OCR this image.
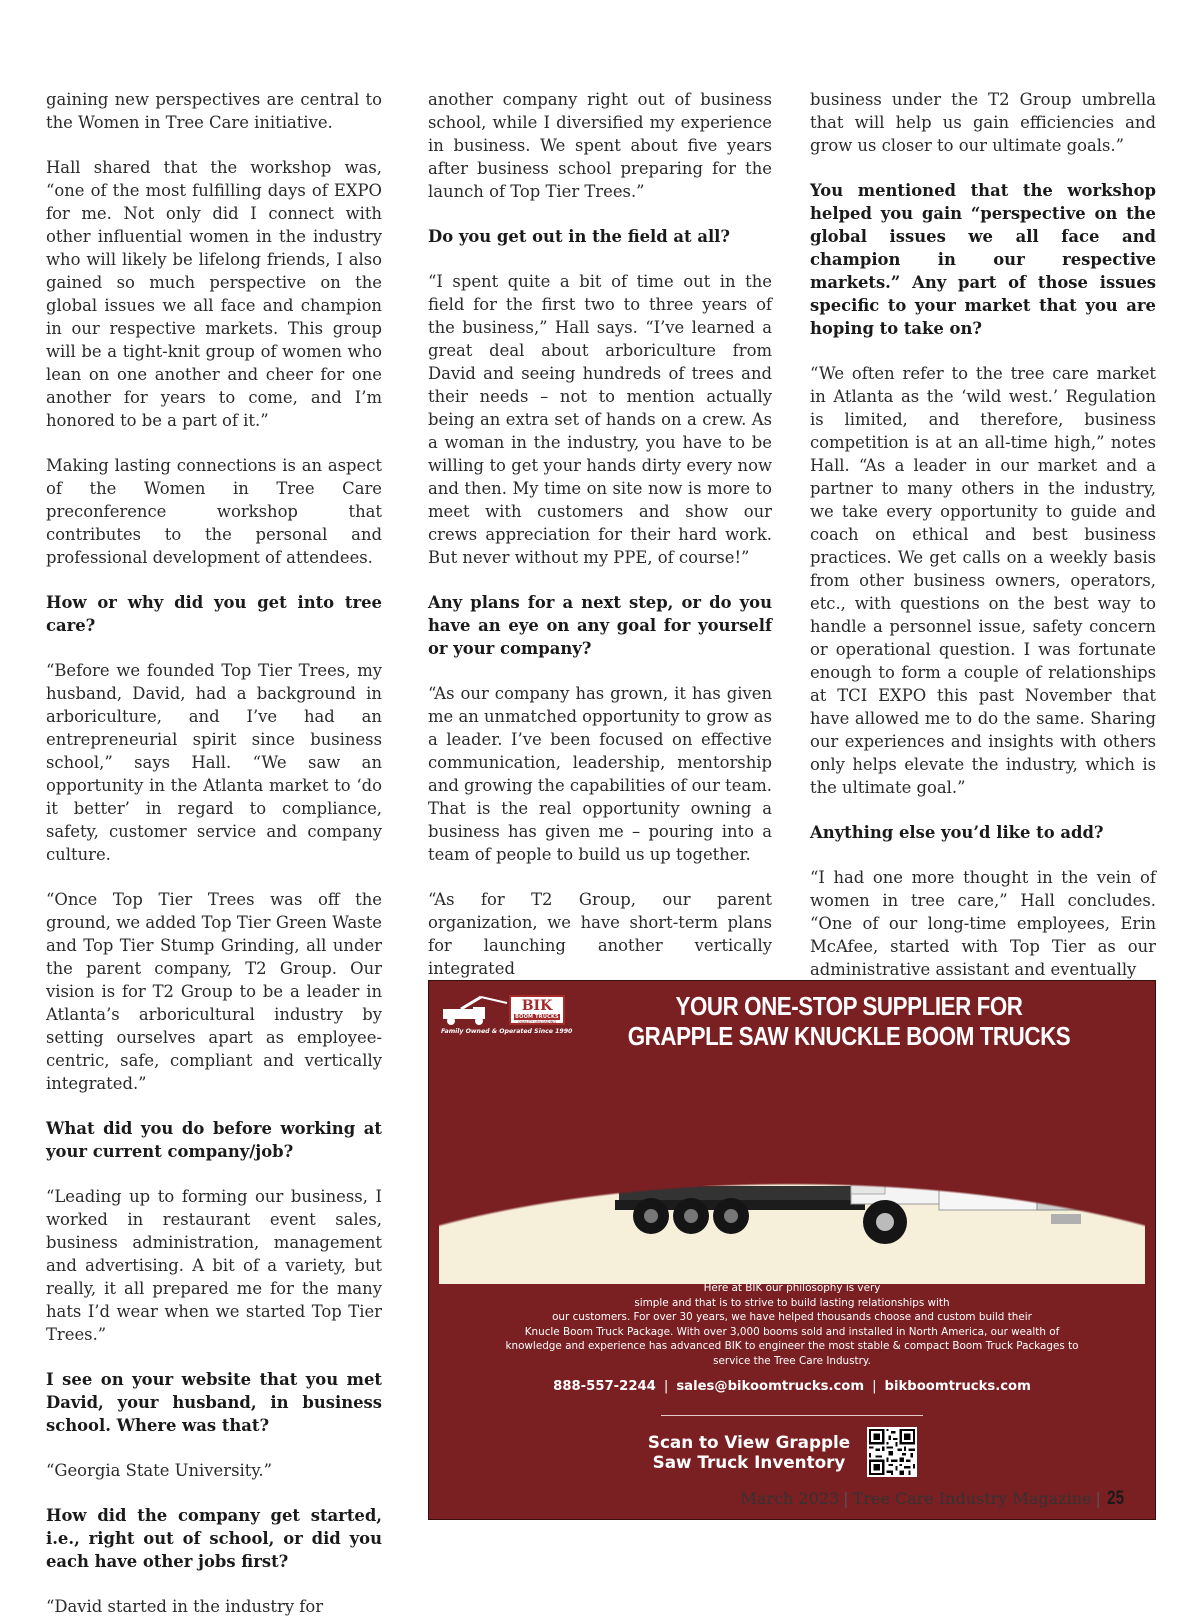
gaining new perspectives are central to the Women in Tree Care initiative.

Hall shared that the workshop was, “one of the most fulfilling days of EXPO for me. Not only did I connect with other influential women in the industry who will likely be lifelong friends, I also gained so much perspective on the global issues we all face and champion in our respective markets. This group will be a tight-knit group of women who lean on one another and cheer for one another for years to come, and I’m honored to be a part of it.”

Making lasting connections is an aspect of the Women in Tree Care preconference workshop that contributes to the personal and professional development of attendees.

How or why did you get into tree care?

“Before we founded Top Tier Trees, my husband, David, had a background in arboriculture, and I’ve had an entrepreneurial spirit since business school,” says Hall. “We saw an opportunity in the Atlanta market to ‘do it better’ in regard to compliance, safety, customer service and company culture.

“Once Top Tier Trees was off the ground, we added Top Tier Green Waste and Top Tier Stump Grinding, all under the parent company, T2 Group. Our vision is for T2 Group to be a leader in Atlanta’s arboricultural industry by setting ourselves apart as employee-centric, safe, compliant and vertically integrated.”

What did you do before working at your current company/job?

“Leading up to forming our business, I worked in restaurant event sales, business administration, management and advertising. A bit of a variety, but really, it all prepared me for the many hats I’d wear when we started Top Tier Trees.”

I see on your website that you met David, your husband, in business school. Where was that?

“Georgia State University.”

How did the company get started, i.e., right out of school, or did you each have other jobs first?

“David started in the industry for

another company right out of business school, while I diversified my experience in business. We spent about five years after business school preparing for the launch of Top Tier Trees.”

Do you get out in the field at all?

“I spent quite a bit of time out in the field for the first two to three years of the business,” Hall says. “I’ve learned a great deal about arboriculture from David and seeing hundreds of trees and their needs – not to mention actually being an extra set of hands on a crew. As a woman in the industry, you have to be willing to get your hands dirty every now and then. My time on site now is more to meet with customers and show our crews appreciation for their hard work. But never without my PPE, of course!”

Any plans for a next step, or do you have an eye on any goal for yourself or your company?

“As our company has grown, it has given me an unmatched opportunity to grow as a leader. I’ve been focused on effective communication, leadership, mentorship and growing the capabilities of our team. That is the real opportunity owning a business has given me – pouring into a team of people to build us up together.

“As for T2 Group, our parent organization, we have short-term plans for launching another vertically integrated

business under the T2 Group umbrella that will help us gain efficiencies and grow us closer to our ultimate goals.”

You mentioned that the workshop helped you gain “perspective on the global issues we all face and champion in our respective markets.” Any part of those issues specific to your market that you are hoping to take on?

“We often refer to the tree care market in Atlanta as the ‘wild west.’ Regulation is limited, and therefore, business competition is at an all-time high,” notes Hall. “As a leader in our market and a partner to many others in the industry, we take every opportunity to guide and coach on ethical and best business practices. We get calls on a weekly basis from other business owners, operators, etc., with questions on the best way to handle a personnel issue, safety concern or operational question. I was fortunate enough to form a couple of relationships at TCI EXPO this past November that have allowed me to do the same. Sharing our experiences and insights with others only helps elevate the industry, which is the ultimate goal.”

Anything else you’d like to add?

“I had one more thought in the vein of women in tree care,” Hall concludes. “One of our long-time employees, Erin McAfee, started with Top Tier as our administrative assistant and eventually

BIK
BOOM TRUCKS
QUALITY UNLOADING SOLUTIONS
Family Owned & Operated Since 1990
YOUR ONE-STOP SUPPLIER FOR
GRAPPLE SAW KNUCKLE BOOM TRUCKS
Here at BIK our philosophy is very
simple and that is to strive to build lasting relationships with
our customers. For over 30 years, we have helped thousands choose and custom build their
Knucle Boom Truck Package. With over 3,000 booms sold and installed in North America, our wealth of
knowledge and experience has advanced BIK to engineer the most stable & compact Boom Truck Packages to
service the Tree Care Industry.
888-557-2244 | sales@bikoomtrucks.com | bikboomtrucks.com
Scan to View Grapple
Saw Truck Inventory
March 2023 | Tree Care Industry Magazine | 25
